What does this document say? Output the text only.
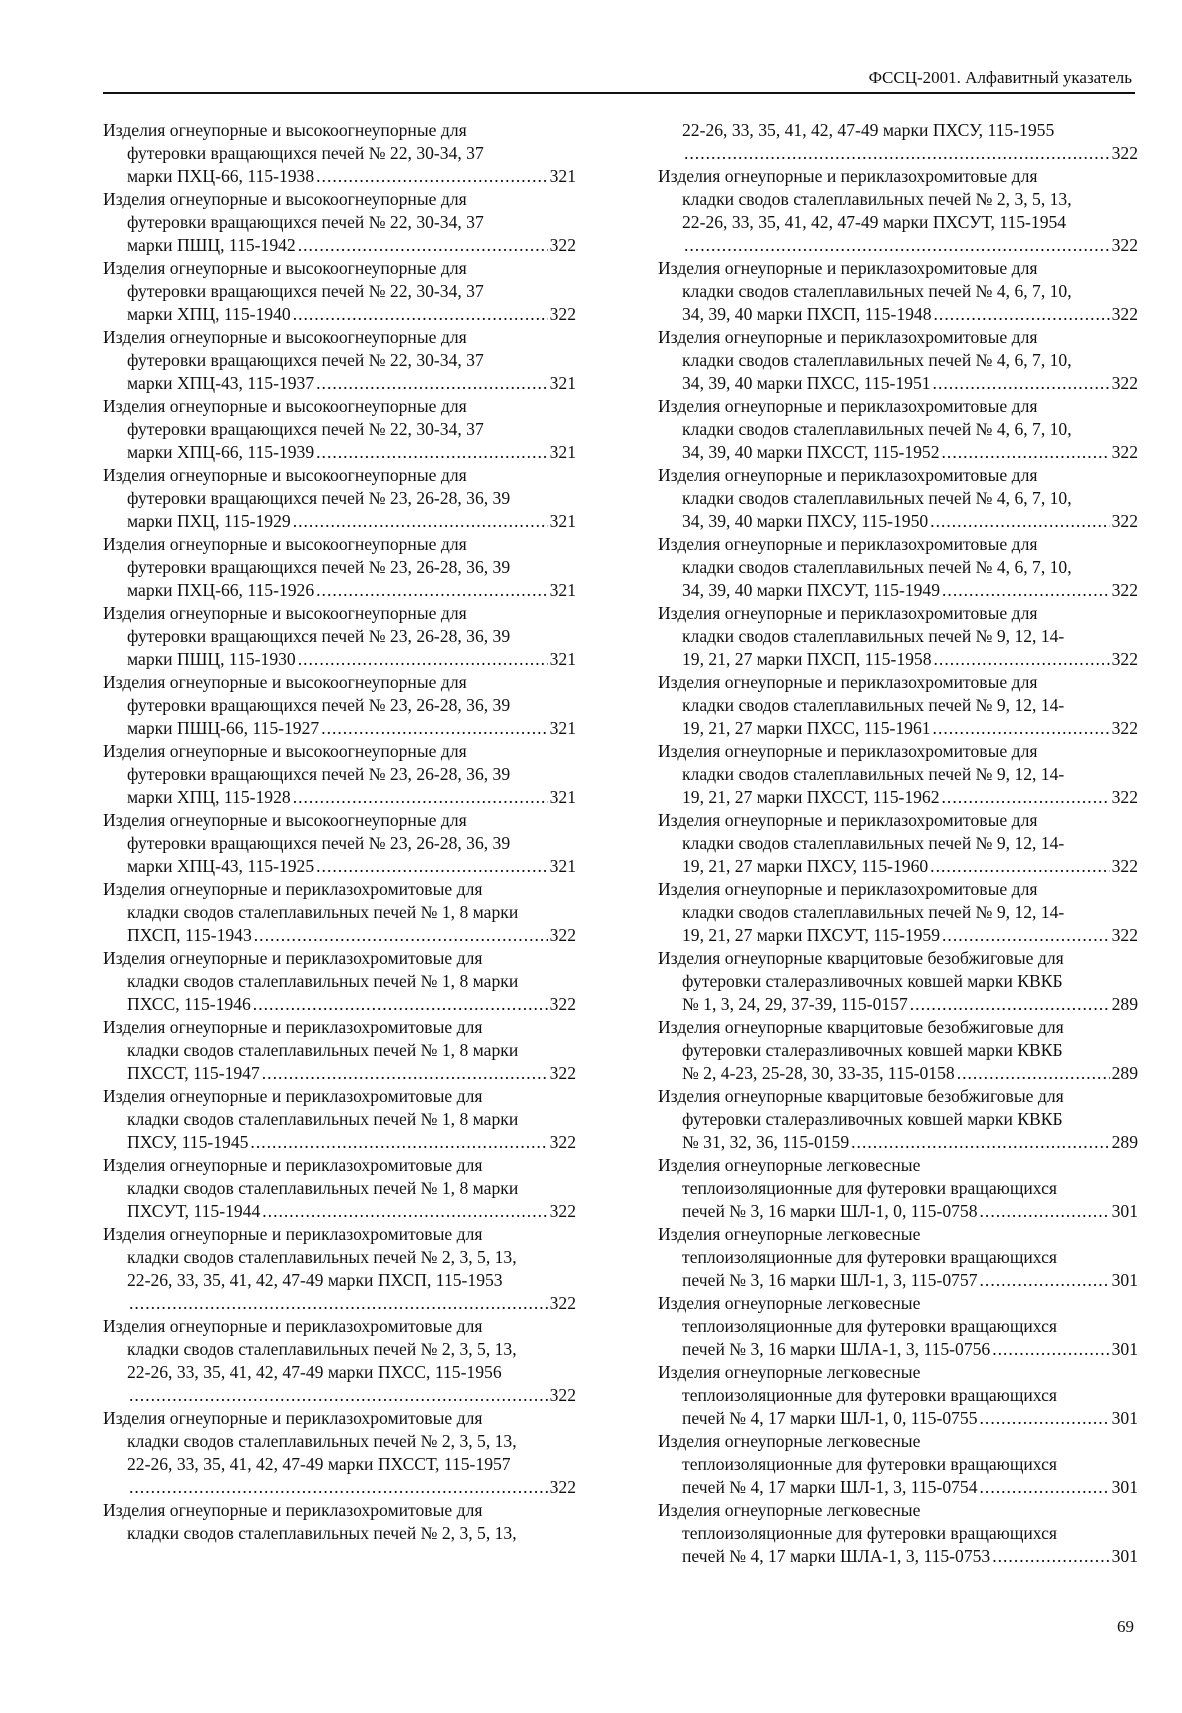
ФССЦ-2001. Алфавитный указатель
Изделия огнеупорные и высокоогнеупорные для
футеровки вращающихся печей № 22, 30-34, 37
марки ПХЦ-66, 115-1938 .....	321
Изделия огнеупорные и высокоогнеупорные для
футеровки вращающихся печей № 22, 30-34, 37
марки ПШЦ, 115-1942 .....	322
Изделия огнеупорные и высокоогнеупорные для
футеровки вращающихся печей № 22, 30-34, 37
марки ХПЦ, 115-1940 .....	322
Изделия огнеупорные и высокоогнеупорные для
футеровки вращающихся печей № 22, 30-34, 37
марки ХПЦ-43, 115-1937 .....	321
Изделия огнеупорные и высокоогнеупорные для
футеровки вращающихся печей № 22, 30-34, 37
марки ХПЦ-66, 115-1939 .....	321
Изделия огнеупорные и высокоогнеупорные для
футеровки вращающихся печей № 23, 26-28, 36, 39
марки ПХЦ, 115-1929 .....	321
Изделия огнеупорные и высокоогнеупорные для
футеровки вращающихся печей № 23, 26-28, 36, 39
марки ПХЦ-66, 115-1926 .....	321
Изделия огнеупорные и высокоогнеупорные для
футеровки вращающихся печей № 23, 26-28, 36, 39
марки ПШЦ, 115-1930 .....	321
Изделия огнеупорные и высокоогнеупорные для
футеровки вращающихся печей № 23, 26-28, 36, 39
марки ПШЦ-66, 115-1927 .....	321
Изделия огнеупорные и высокоогнеупорные для
футеровки вращающихся печей № 23, 26-28, 36, 39
марки ХПЦ, 115-1928 .....	321
Изделия огнеупорные и высокоогнеупорные для
футеровки вращающихся печей № 23, 26-28, 36, 39
марки ХПЦ-43, 115-1925 .....	321
Изделия огнеупорные и периклазохромитовые для
кладки сводов сталеплавильных печей № 1, 8 марки
ПХСП, 115-1943 .....	322
Изделия огнеупорные и периклазохромитовые для
кладки сводов сталеплавильных печей № 1, 8 марки
ПХСС, 115-1946 .....	322
Изделия огнеупорные и периклазохромитовые для
кладки сводов сталеплавильных печей № 1, 8 марки
ПХССТ, 115-1947 .....	322
Изделия огнеупорные и периклазохромитовые для
кладки сводов сталеплавильных печей № 1, 8 марки
ПХСУ, 115-1945 .....	322
Изделия огнеупорные и периклазохромитовые для
кладки сводов сталеплавильных печей № 1, 8 марки
ПХСУТ, 115-1944 .....	322
Изделия огнеупорные и периклазохромитовые для
кладки сводов сталеплавильных печей № 2, 3, 5, 13,
22-26, 33, 35, 41, 42, 47-49 марки ПХСП, 115-1953
.....
322
Изделия огнеупорные и периклазохромитовые для
кладки сводов сталеплавильных печей № 2, 3, 5, 13,
22-26, 33, 35, 41, 42, 47-49 марки ПХСС, 115-1956
.....
322
Изделия огнеупорные и периклазохромитовые для
кладки сводов сталеплавильных печей № 2, 3, 5, 13,
22-26, 33, 35, 41, 42, 47-49 марки ПХССТ, 115-1957
.....
322
Изделия огнеупорные и периклазохромитовые для
кладки сводов сталеплавильных печей № 2, 3, 5, 13,
22-26, 33, 35, 41, 42, 47-49 марки ПХСУ, 115-1955
.....
322
Изделия огнеупорные и периклазохромитовые для
кладки сводов сталеплавильных печей № 2, 3, 5, 13,
22-26, 33, 35, 41, 42, 47-49 марки ПХСУТ, 115-1954
.....
322
Изделия огнеупорные и периклазохромитовые для
кладки сводов сталеплавильных печей № 4, 6, 7, 10,
34, 39, 40 марки ПХСП, 115-1948 .....	322
Изделия огнеупорные и периклазохромитовые для
кладки сводов сталеплавильных печей № 4, 6, 7, 10,
34, 39, 40 марки ПХСС, 115-1951 .....	322
Изделия огнеупорные и периклазохромитовые для
кладки сводов сталеплавильных печей № 4, 6, 7, 10,
34, 39, 40 марки ПХССТ, 115-1952 .....	322
Изделия огнеупорные и периклазохромитовые для
кладки сводов сталеплавильных печей № 4, 6, 7, 10,
34, 39, 40 марки ПХСУ, 115-1950 .....	322
Изделия огнеупорные и периклазохромитовые для
кладки сводов сталеплавильных печей № 4, 6, 7, 10,
34, 39, 40 марки ПХСУТ, 115-1949 .....	322
Изделия огнеупорные и периклазохромитовые для
кладки сводов сталеплавильных печей № 9, 12, 14-
19, 21, 27 марки ПХСП, 115-1958 .....	322
Изделия огнеупорные и периклазохромитовые для
кладки сводов сталеплавильных печей № 9, 12, 14-
19, 21, 27 марки ПХСС, 115-1961 .....	322
Изделия огнеупорные и периклазохромитовые для
кладки сводов сталеплавильных печей № 9, 12, 14-
19, 21, 27 марки ПХССТ, 115-1962 .....	322
Изделия огнеупорные и периклазохромитовые для
кладки сводов сталеплавильных печей № 9, 12, 14-
19, 21, 27 марки ПХСУ, 115-1960 .....	322
Изделия огнеупорные и периклазохромитовые для
кладки сводов сталеплавильных печей № 9, 12, 14-
19, 21, 27 марки ПХСУТ, 115-1959 .....	322
Изделия огнеупорные кварцитовые безобжиговые для
футеровки сталеразливочных ковшей марки КВКБ
№ 1, 3, 24, 29, 37-39, 115-0157 .....	289
Изделия огнеупорные кварцитовые безобжиговые для
футеровки сталеразливочных ковшей марки КВКБ
№ 2, 4-23, 25-28, 30, 33-35, 115-0158 .....	289
Изделия огнеупорные кварцитовые безобжиговые для
футеровки сталеразливочных ковшей марки КВКБ
№ 31, 32, 36, 115-0159 .....	289
Изделия огнеупорные легковесные
теплоизоляционные для футеровки вращающихся
печей № 3, 16 марки ШЛ-1, 0, 115-0758 .....	301
Изделия огнеупорные легковесные
теплоизоляционные для футеровки вращающихся
печей № 3, 16 марки ШЛ-1, 3, 115-0757 .....	301
Изделия огнеупорные легковесные
теплоизоляционные для футеровки вращающихся
печей № 3, 16 марки ШЛА-1, 3, 115-0756 .....	301
Изделия огнеупорные легковесные
теплоизоляционные для футеровки вращающихся
печей № 4, 17 марки ШЛ-1, 0, 115-0755 .....	301
Изделия огнеупорные легковесные
теплоизоляционные для футеровки вращающихся
печей № 4, 17 марки ШЛ-1, 3, 115-0754 .....	301
Изделия огнеупорные легковесные
теплоизоляционные для футеровки вращающихся
печей № 4, 17 марки ШЛА-1, 3, 115-0753 .....	301
69
